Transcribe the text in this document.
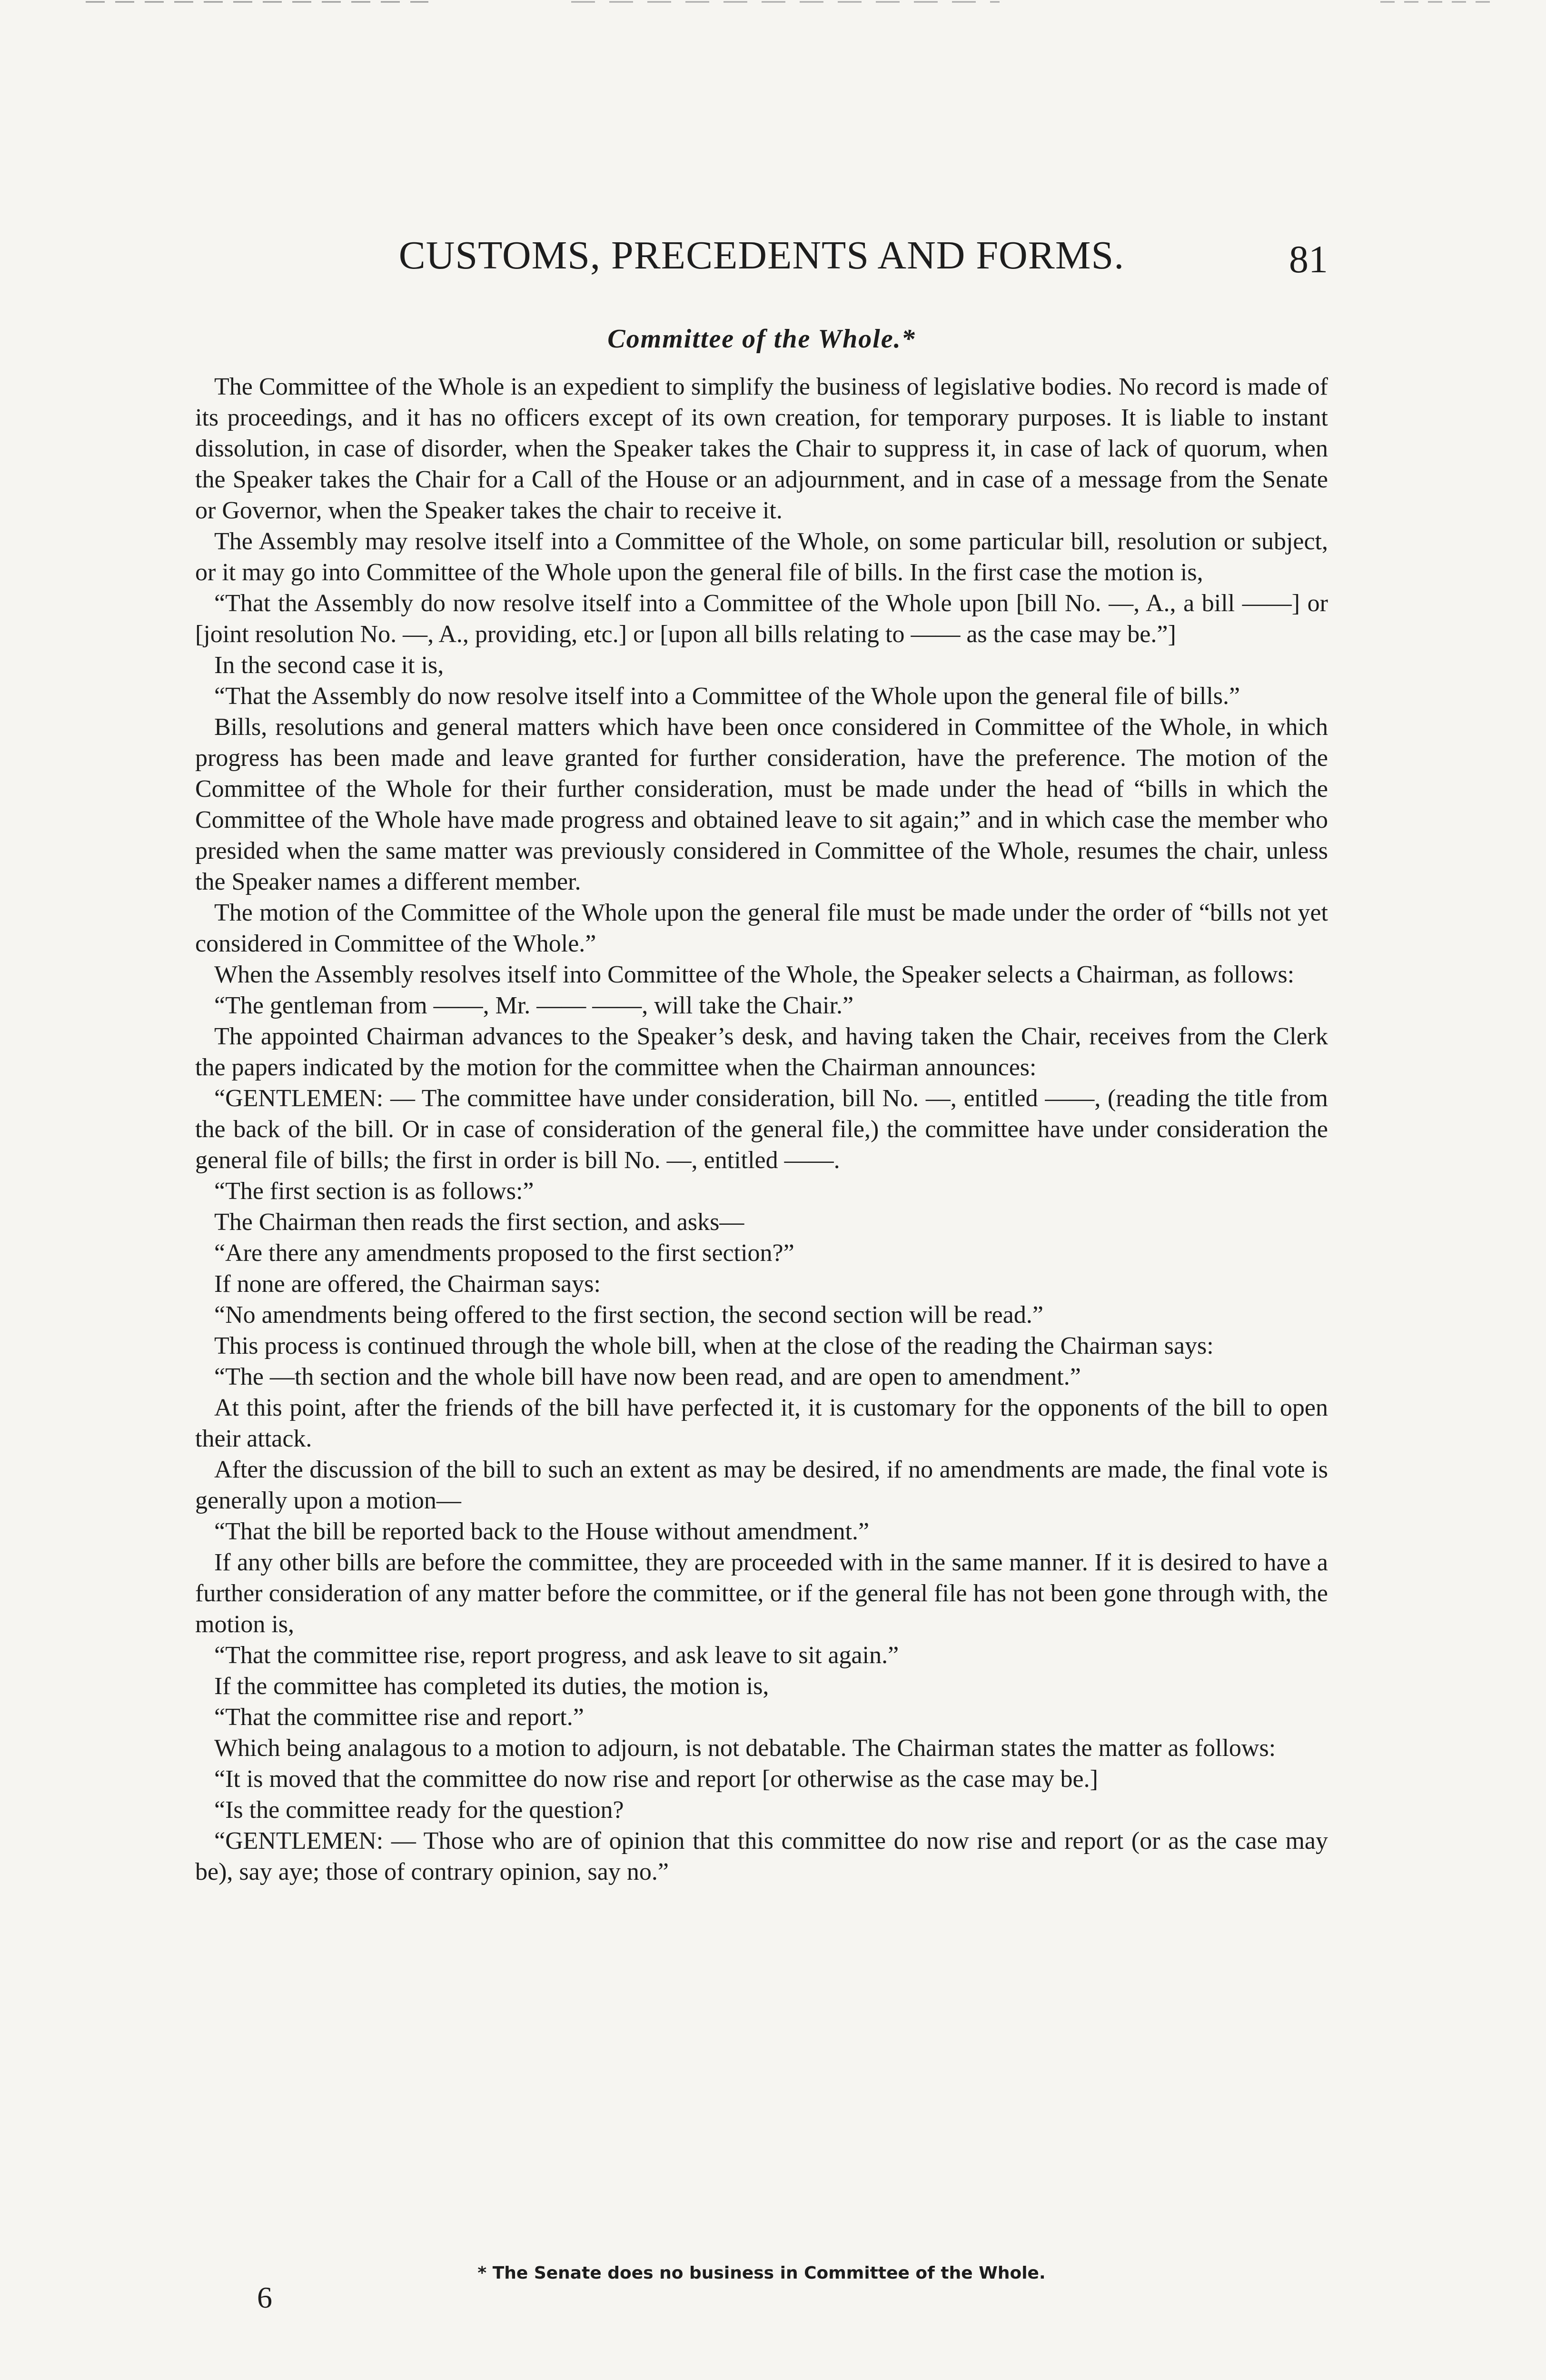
CUSTOMS, PRECEDENTS AND FORMS.	81
Committee of the Whole.*

The Committee of the Whole is an expedient to simplify the business of legislative bodies. No record is made of its proceedings, and it has no officers except of its own creation, for temporary purposes. It is liable to instant dissolution, in case of disorder, when the Speaker takes the Chair to suppress it, in case of lack of quorum, when the Speaker takes the Chair for a Call of the House or an adjournment, and in case of a message from the Senate or Governor, when the Speaker takes the chair to receive it.

The Assembly may resolve itself into a Committee of the Whole, on some particular bill, resolution or subject, or it may go into Committee of the Whole upon the general file of bills. In the first case the motion is,

“That the Assembly do now resolve itself into a Committee of the Whole upon [bill No. —, A., a bill ——] or [joint resolution No. —, A., providing, etc.] or [upon all bills relating to —— as the case may be.”]

In the second case it is,

“That the Assembly do now resolve itself into a Committee of the Whole upon the general file of bills.”

Bills, resolutions and general matters which have been once considered in Committee of the Whole, in which progress has been made and leave granted for further consideration, have the preference. The motion of the Committee of the Whole for their further consideration, must be made under the head of “bills in which the Committee of the Whole have made progress and obtained leave to sit again;” and in which case the member who presided when the same matter was previously considered in Committee of the Whole, resumes the chair, unless the Speaker names a different member.

The motion of the Committee of the Whole upon the general file must be made under the order of “bills not yet considered in Committee of the Whole.”

When the Assembly resolves itself into Committee of the Whole, the Speaker selects a Chairman, as follows:

“The gentleman from ——, Mr. —— ——, will take the Chair.”

The appointed Chairman advances to the Speaker’s desk, and having taken the Chair, receives from the Clerk the papers indicated by the motion for the committee when the Chairman announces:

“GENTLEMEN: — The committee have under consideration, bill No. —, entitled ——, (reading the title from the back of the bill. Or in case of consideration of the general file,) the committee have under consideration the general file of bills; the first in order is bill No. —, entitled ——.

“The first section is as follows:”

The Chairman then reads the first section, and asks—

“Are there any amendments proposed to the first section?”

If none are offered, the Chairman says:

“No amendments being offered to the first section, the second section will be read.”

This process is continued through the whole bill, when at the close of the reading the Chairman says:

“The —th section and the whole bill have now been read, and are open to amendment.”

At this point, after the friends of the bill have perfected it, it is customary for the opponents of the bill to open their attack.

After the discussion of the bill to such an extent as may be desired, if no amendments are made, the final vote is generally upon a motion—

“That the bill be reported back to the House without amendment.”

If any other bills are before the committee, they are proceeded with in the same manner. If it is desired to have a further consideration of any matter before the committee, or if the general file has not been gone through with, the motion is,

“That the committee rise, report progress, and ask leave to sit again.”

If the committee has completed its duties, the motion is,

“That the committee rise and report.”

Which being analagous to a motion to adjourn, is not debatable. The Chairman states the matter as follows:

“It is moved that the committee do now rise and report [or otherwise as the case may be.]

“Is the committee ready for the question?

“GENTLEMEN: — Those who are of opinion that this committee do now rise and report (or as the case may be), say aye; those of contrary opinion, say no.”

* The Senate does no business in Committee of the Whole.
6
